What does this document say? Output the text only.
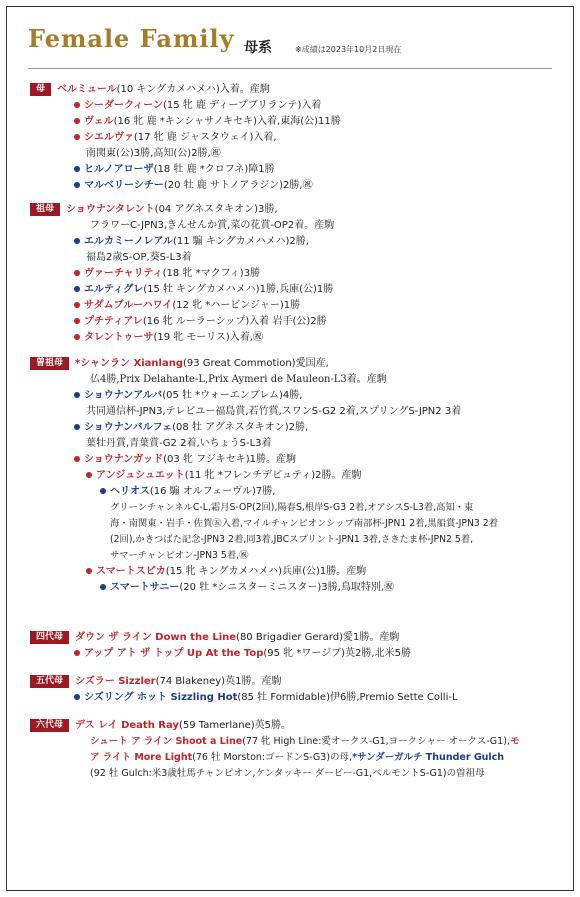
Female Family 母系	※成績は2023年10月2日現在
母 ベルミュール(10 キングカメハメハ)入着。産駒
シーダークィーン(15 牝 鹿 ディープブリランテ)入着
ヴェル(16 牝 鹿 *キンシャサノキセキ)入着,東海(公)11勝
シエルヴァ(17 牝 鹿 ジャスタウェイ)入着,
南関東(公)3勝,高知(公)2勝,㊗
ヒルノアローザ(18 牡 鹿 *クロフネ)障1勝
マルベリーシチー(20 牡 鹿 サトノアラジン)2勝,㊗
祖母 ショウナンタレント(04 アグネスタキオン)3勝,
フラワーC-JPN3,きんせんか賞,菜の花賞-OP2着。産駒
エルカミーノレアル(11 騸 キングカメハメハ)2勝,
福島2歳S-OP,葵S-L3着
ヴァーチャリティ(18 牝 *マクフィ)3勝
エルティグレ(15 牡 キングカメハメハ)1勝,兵庫(公)1勝
サダムブルーハワイ(12 牝 *ハービンジャー)1勝
プチティアレ(16 牝 ルーラーシップ)入着 岩手(公)2勝
タレントゥーサ(19 牝 モーリス)入着,㊗
曽祖母 *シャンラン Xianlang(93 Great Commotion)愛国産,
仏4勝,Prix Delahante-L,Prix Aymeri de Mauleon-L3着。産駒
ショウナンアルバ(05 牡 *ウォーエンブレム)4勝,
共同通信杯-JPN3,テレビユー福島賞,若竹賞,スワンS-G2 2着,スプリングS-JPN2 3着
ショウナンバルフェ(08 牡 アグネスタキオン)2勝,
葉牡丹賞,青葉賞-G2 2着,いちょうS-L3着
ショウナンガッド(03 牝 フジキセキ)1勝。産駒
アンジュシュエット(11 牝 *フレンチデピュティ)2勝。産駒
ヘリオス(16 騸 オルフェーヴル)7勝,
グリーンチャンネルC-L,霜月S-OP(2回),陽春S,根岸S-G3 2着,オアシスS-L3着,高知・東
海・南関東・岩手・佐賀㊄入着,マイルチャンピオンシップ南部杯-JPN1 2着,黒船賞-JPN3 2着
(2回),かきつばた記念-JPN3 2着,同3着,JBCスプリント-JPN1 3着,さきたま杯-JPN2 5着,
サマーチャンピオン-JPN3 5着,㊗
スマートスピカ(15 牝 キングカメハメハ)兵庫(公)1勝。産駒
スマートサニー(20 牡 *シニスターミニスター)3勝,鳥取特別,㊗
四代母 ダウン ザ ライン Down the Line(80 Brigadier Gerard)愛1勝。産駒
アップ アト ザ トップ Up At the Top(95 牝 *ワージブ)英2勝,北米5勝
五代母 シズラー Sizzler(74 Blakeney)英1勝。産駒
シズリング ホット Sizzling Hot(85 牡 Formidable)伊6勝,Premio Sette Colli-L
六代母 デス レイ Death Ray(59 Tamerlane)英5勝。
シュート ア ライン Shoot a Line(77 牝 High Line:愛オークス-G1,ヨークシャー オークス-G1),モ
ア ライト More Light(76 牡 Morston:ゴードンS-G3)の母,*サンダーガルチ Thunder Gulch
(92 牡 Gulch:米3歳牡馬チャンピオン,ケンタッキー ダービー-G1,ベルモントS-G1)の曽祖母
